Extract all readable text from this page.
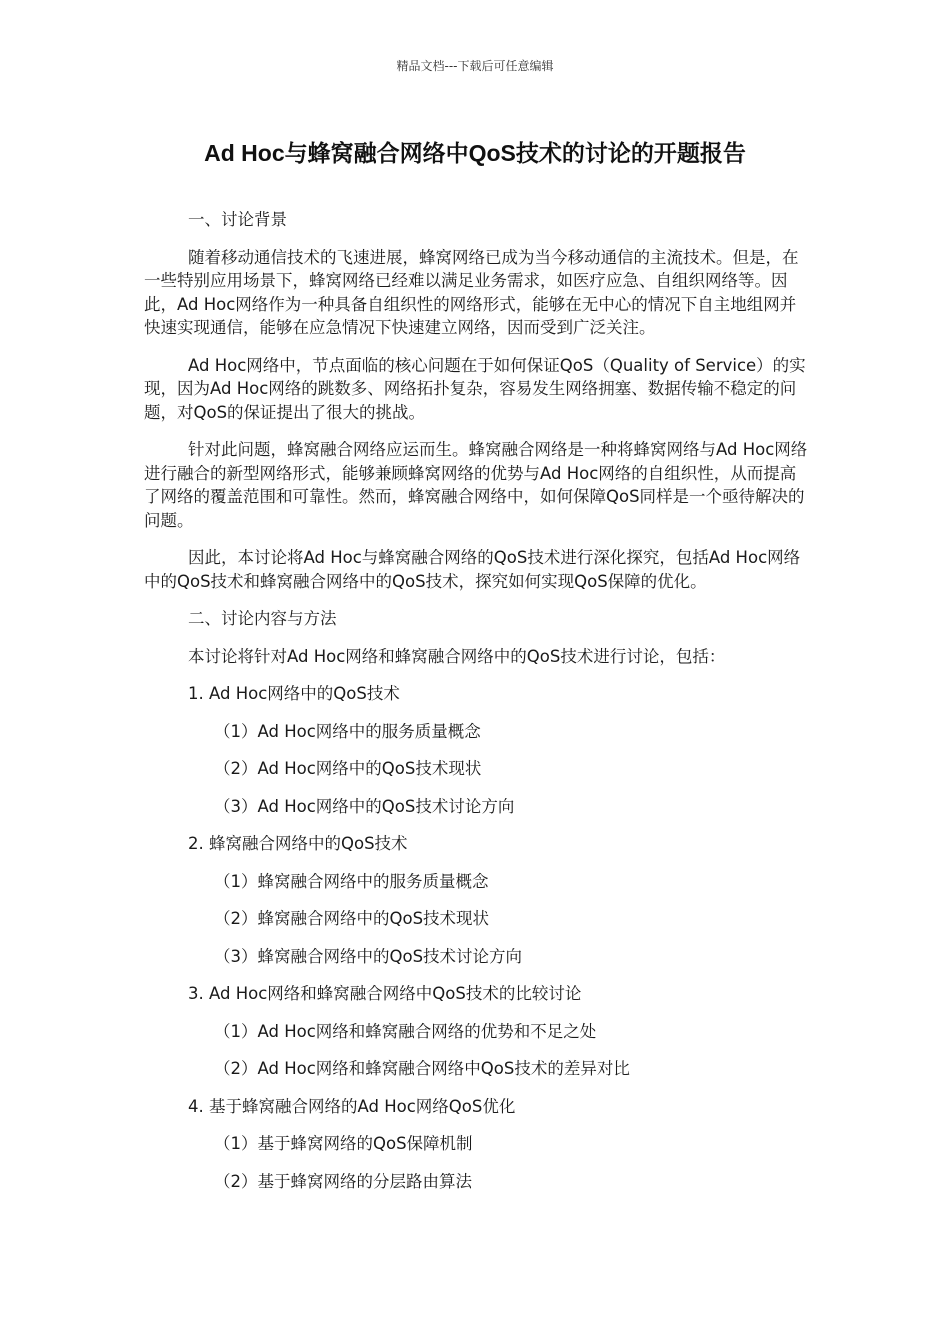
精品文档---下载后可任意编辑
Ad Hoc与蜂窝融合网络中QoS技术的讨论的开题报告
一、讨论背景

随着移动通信技术的飞速进展，蜂窝网络已成为当今移动通信的主流技术。但是，在一些特别应用场景下，蜂窝网络已经难以满足业务需求，如医疗应急、自组织网络等。因此，Ad Hoc网络作为一种具备自组织性的网络形式，能够在无中心的情况下自主地组网并快速实现通信，能够在应急情况下快速建立网络，因而受到广泛关注。

Ad Hoc网络中，节点面临的核心问题在于如何保证QoS（Quality of Service）的实现，因为Ad Hoc网络的跳数多、网络拓扑复杂，容易发生网络拥塞、数据传输不稳定的问题，对QoS的保证提出了很大的挑战。

针对此问题，蜂窝融合网络应运而生。蜂窝融合网络是一种将蜂窝网络与Ad Hoc网络进行融合的新型网络形式，能够兼顾蜂窝网络的优势与Ad Hoc网络的自组织性，从而提高了网络的覆盖范围和可靠性。然而，蜂窝融合网络中，如何保障QoS同样是一个亟待解决的问题。

因此，本讨论将Ad Hoc与蜂窝融合网络的QoS技术进行深化探究，包括Ad Hoc网络中的QoS技术和蜂窝融合网络中的QoS技术，探究如何实现QoS保障的优化。

二、讨论内容与方法

本讨论将针对Ad Hoc网络和蜂窝融合网络中的QoS技术进行讨论，包括：

1. Ad Hoc网络中的QoS技术
（1）Ad Hoc网络中的服务质量概念
（2）Ad Hoc网络中的QoS技术现状
（3）Ad Hoc网络中的QoS技术讨论方向
2. 蜂窝融合网络中的QoS技术
（1）蜂窝融合网络中的服务质量概念
（2）蜂窝融合网络中的QoS技术现状
（3）蜂窝融合网络中的QoS技术讨论方向
3. Ad Hoc网络和蜂窝融合网络中QoS技术的比较讨论
（1）Ad Hoc网络和蜂窝融合网络的优势和不足之处
（2）Ad Hoc网络和蜂窝融合网络中QoS技术的差异对比
4. 基于蜂窝融合网络的Ad Hoc网络QoS优化
（1）基于蜂窝网络的QoS保障机制
（2）基于蜂窝网络的分层路由算法
